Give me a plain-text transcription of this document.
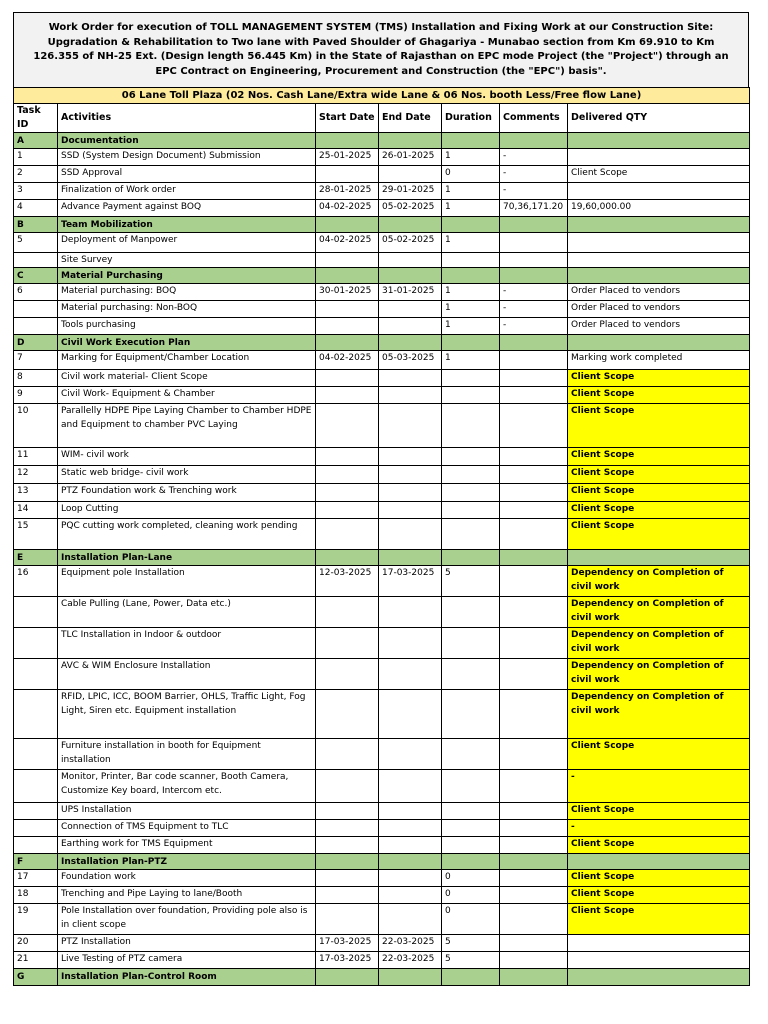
Work Order for execution of TOLL MANAGEMENT SYSTEM (TMS) Installation and Fixing Work at our Construction Site: Upgradation & Rehabilitation to Two lane with Paved Shoulder of Ghagariya - Munabao section from Km 69.910 to Km 126.355 of NH-25 Ext. (Design length 56.445 Km) in the State of Rajasthan on EPC mode Project (the "Project") through an EPC Contract on Engineering, Procurement and Construction (the "EPC") basis".
06 Lane Toll Plaza (02 Nos. Cash Lane/Extra wide Lane & 06 Nos. booth Less/Free flow Lane)						
Task ID	Activities	Start Date	End Date	Duration	Comments	Delivered QTY
A	Documentation					
1	SSD (System Design Document) Submission	25-01-2025	26-01-2025	1	-	
2	SSD Approval			0	-	Client Scope
3	Finalization of Work order	28-01-2025	29-01-2025	1	-	
4	Advance Payment against BOQ	04-02-2025	05-02-2025	1	70,36,171.20	19,60,000.00
B	Team Mobilization					
5	Deployment of Manpower	04-02-2025	05-02-2025	1		
	Site Survey					
C	Material Purchasing					
6	Material purchasing: BOQ	30-01-2025	31-01-2025	1	-	Order Placed to vendors
	Material purchasing: Non-BOQ			1	-	Order Placed to vendors
	Tools purchasing			1	-	Order Placed to vendors
D	Civil Work Execution Plan					
7	Marking for Equipment/Chamber Location	04-02-2025	05-03-2025	1		Marking work completed
8	Civil work material- Client Scope					Client Scope
9	Civil Work- Equipment & Chamber					Client Scope
10	Parallelly HDPE Pipe Laying Chamber to Chamber HDPE and Equipment to chamber PVC Laying					Client Scope
11	WIM- civil work					Client Scope
12	Static web bridge- civil work					Client Scope
13	PTZ Foundation work & Trenching work					Client Scope
14	Loop Cutting					Client Scope
15	PQC cutting work completed, cleaning work pending					Client Scope
E	Installation Plan-Lane					
16	Equipment pole Installation	12-03-2025	17-03-2025	5		Dependency on Completion of civil work
	Cable Pulling (Lane, Power, Data etc.)					Dependency on Completion of civil work
	TLC Installation in Indoor & outdoor					Dependency on Completion of civil work
	AVC & WIM Enclosure Installation					Dependency on Completion of civil work
	RFID, LPIC, ICC, BOOM Barrier, OHLS, Traffic Light, Fog Light, Siren etc. Equipment installation					Dependency on Completion of civil work
	Furniture installation in booth for Equipment installation					Client Scope
	Monitor, Printer, Bar code scanner, Booth Camera, Customize Key board, Intercom etc.					-
	UPS Installation					Client Scope
	Connection of TMS Equipment to TLC					-
	Earthing work for TMS Equipment					Client Scope
F	Installation Plan-PTZ					
17	Foundation work			0		Client Scope
18	Trenching and Pipe Laying to lane/Booth			0		Client Scope
19	Pole Installation over foundation, Providing pole also is in client scope			0		Client Scope
20	PTZ Installation	17-03-2025	22-03-2025	5		
21	Live Testing of PTZ camera	17-03-2025	22-03-2025	5		
G	Installation Plan-Control Room					
